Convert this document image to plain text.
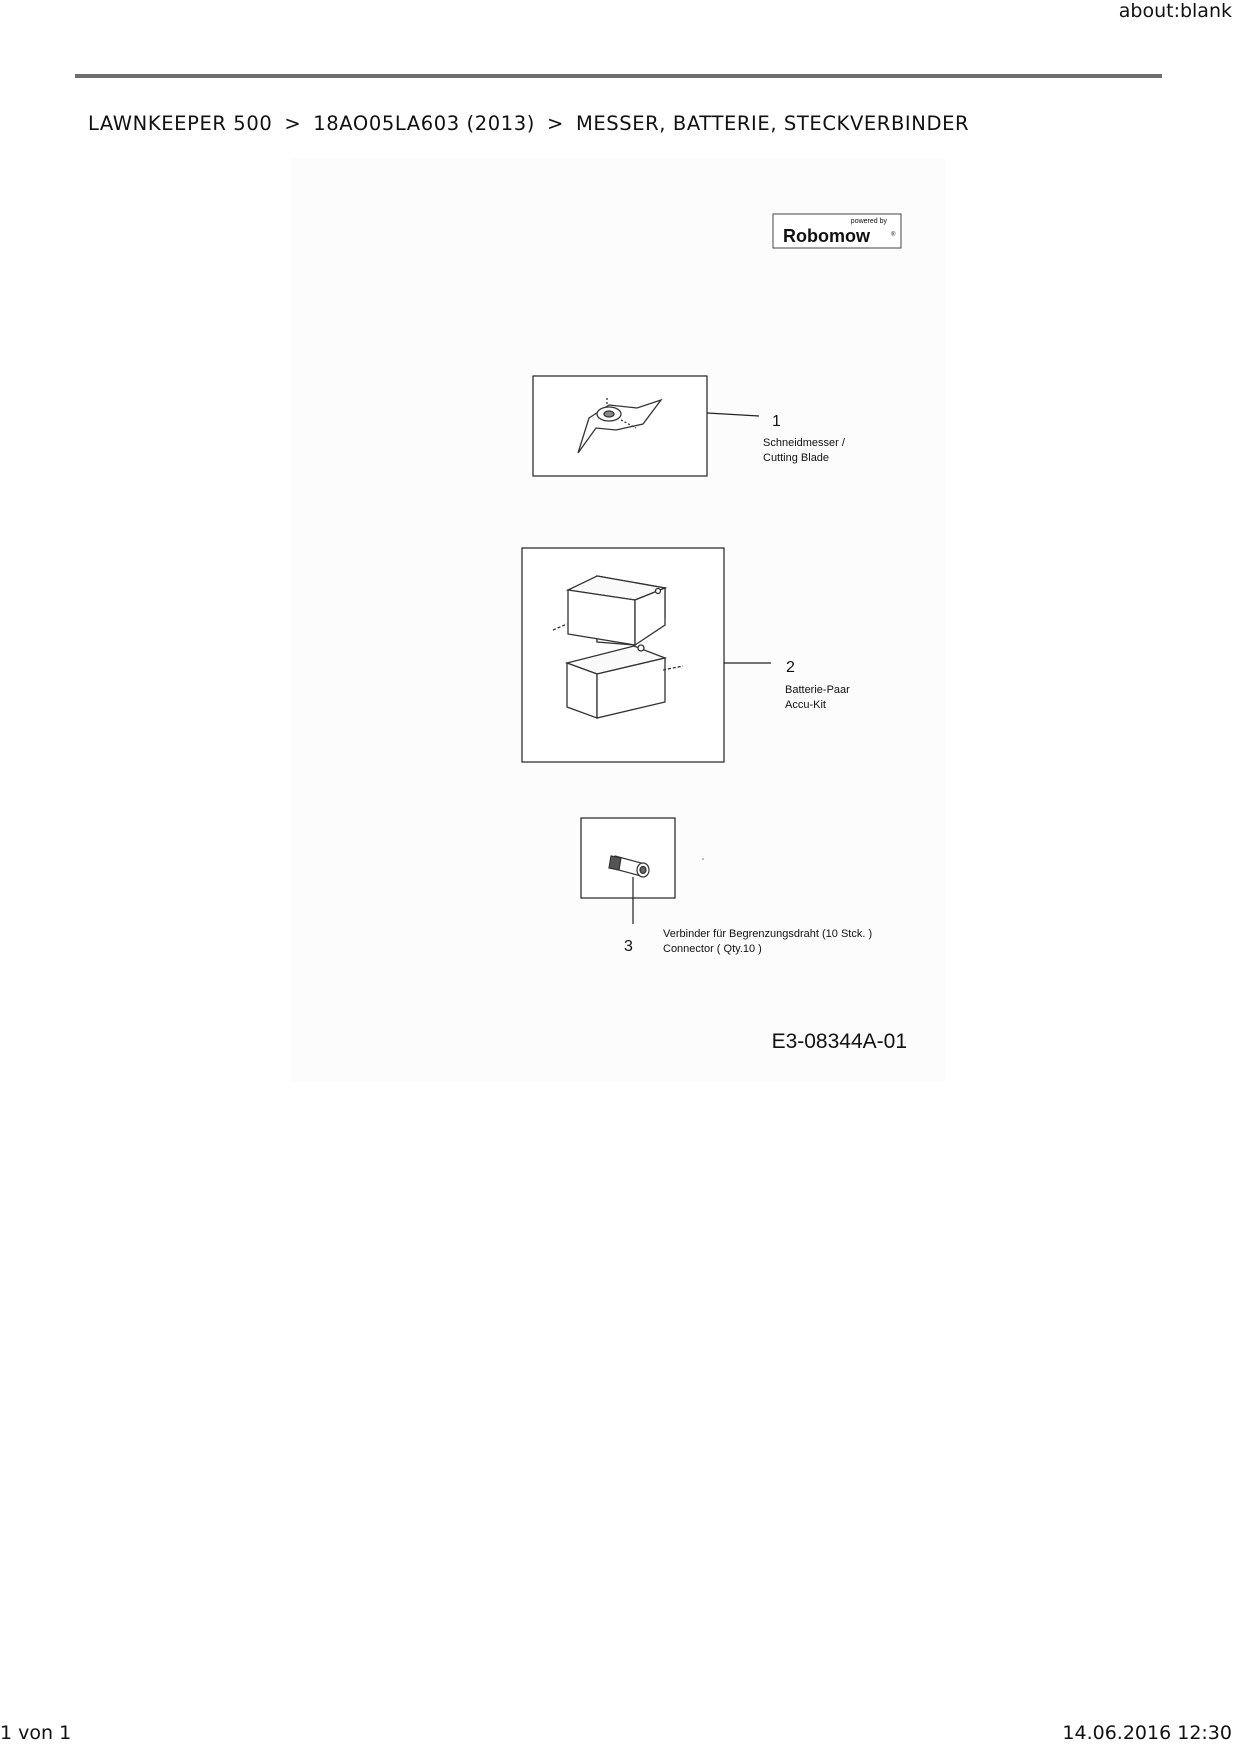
about:blank
LAWNKEEPER 500 > 18AO05LA603 (2013) > MESSER, BATTERIE, STECKVERBINDER
powered by
Robomow	®
1
Schneidmesser /
Cutting Blade
2
Batterie-Paar
Accu-Kit
3
Verbinder für Begrenzungsdraht (10 Stck. )
Connector ( Qty.10 )
E3-08344A-01
1 von 1	14.06.2016 12:30
